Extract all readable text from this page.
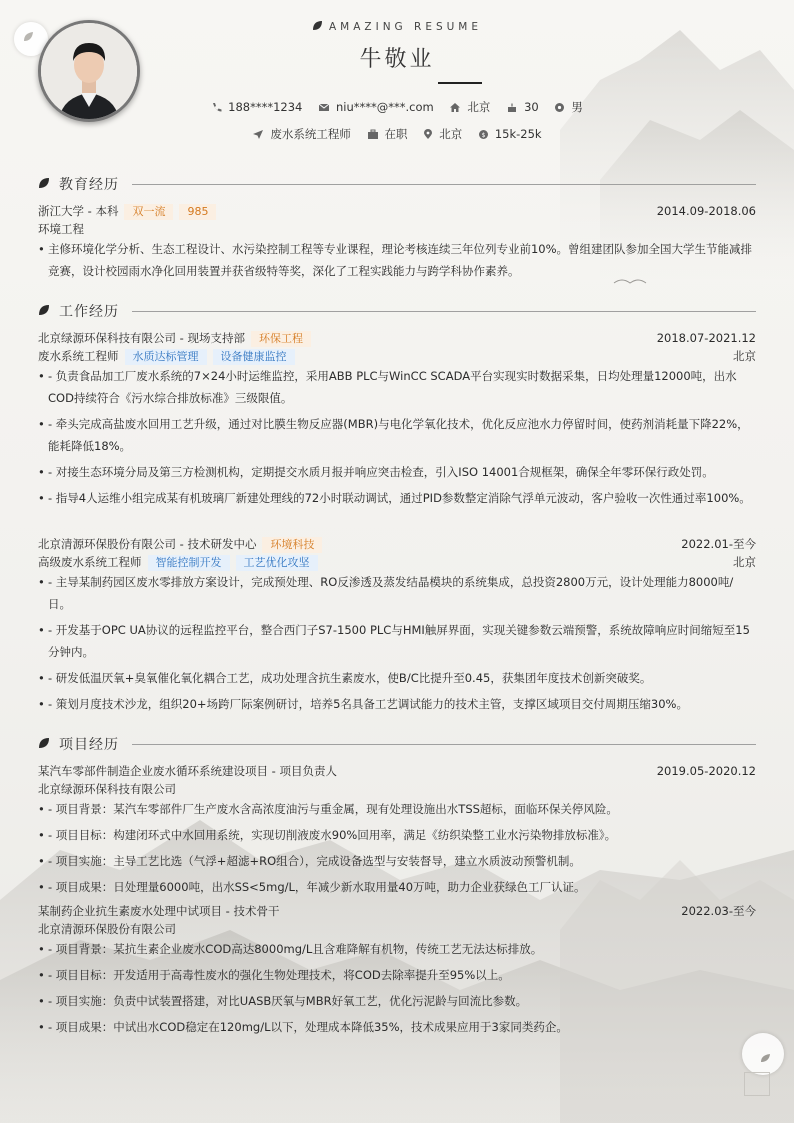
AMAZING RESUME
牛敬业
188****1234	niu****@***.com	北京	30	男
废水系统工程师	在职	北京	$ 15k-25k
教育经历
浙江大学 - 本科 双一流 985	2014.09-2018.06
环境工程
• 主修环境化学分析、生态工程设计、水污染控制工程等专业课程，理论考核连续三年位列专业前10%。曾组建团队参加全国大学生节能减排竞赛，设计校园雨水净化回用装置并获省级特等奖，深化了工程实践能力与跨学科协作素养。
工作经历
北京绿源环保科技有限公司 - 现场支持部 环保工程	2018.07-2021.12
废水系统工程师 水质达标管理 设备健康监控	北京
• - 负责食品加工厂废水系统的7×24小时运维监控，采用ABB PLC与WinCC SCADA平台实现实时数据采集，日均处理量12000吨，出水COD持续符合《污水综合排放标准》三级限值。
• - 牵头完成高盐废水回用工艺升级，通过对比膜生物反应器(MBR)与电化学氧化技术，优化反应池水力停留时间，使药剂消耗量下降22%，能耗降低18%。
• - 对接生态环境分局及第三方检测机构，定期提交水质月报并响应突击检查，引入ISO 14001合规框架，确保全年零环保行政处罚。
• - 指导4人运维小组完成某有机玻璃厂新建处理线的72小时联动调试，通过PID参数整定消除气浮单元波动，客户验收一次性通过率100%。
北京清源环保股份有限公司 - 技术研发中心 环境科技	2022.01-至今
高级废水系统工程师 智能控制开发 工艺优化攻坚	北京
• - 主导某制药园区废水零排放方案设计，完成预处理、RO反渗透及蒸发结晶模块的系统集成，总投资2800万元，设计处理能力8000吨/日。
• - 开发基于OPC UA协议的远程监控平台，整合西门子S7-1500 PLC与HMI触屏界面，实现关键参数云端预警，系统故障响应时间缩短至15分钟内。
• - 研发低温厌氧+臭氧催化氧化耦合工艺，成功处理含抗生素废水，使B/C比提升至0.45，获集团年度技术创新突破奖。
• - 策划月度技术沙龙，组织20+场跨厂际案例研讨，培养5名具备工艺调试能力的技术主管，支撑区域项目交付周期压缩30%。
项目经历
某汽车零部件制造企业废水循环系统建设项目 - 项目负责人	2019.05-2020.12
北京绿源环保科技有限公司
• - 项目背景：某汽车零部件厂生产废水含高浓度油污与重金属，现有处理设施出水TSS超标，面临环保关停风险。
• - 项目目标：构建闭环式中水回用系统，实现切削液废水90%回用率，满足《纺织染整工业水污染物排放标准》。
• - 项目实施：主导工艺比选（气浮+超滤+RO组合），完成设备选型与安装督导，建立水质波动预警机制。
• - 项目成果：日处理量6000吨，出水SS<5mg/L，年减少新水取用量40万吨，助力企业获绿色工厂认证。
某制药企业抗生素废水处理中试项目 - 技术骨干	2022.03-至今
北京清源环保股份有限公司
• - 项目背景：某抗生素企业废水COD高达8000mg/L且含难降解有机物，传统工艺无法达标排放。
• - 项目目标：开发适用于高毒性废水的强化生物处理技术，将COD去除率提升至95%以上。
• - 项目实施：负责中试装置搭建，对比UASB厌氧与MBR好氧工艺，优化污泥龄与回流比参数。
• - 项目成果：中试出水COD稳定在120mg/L以下，处理成本降低35%，技术成果应用于3家同类药企。
